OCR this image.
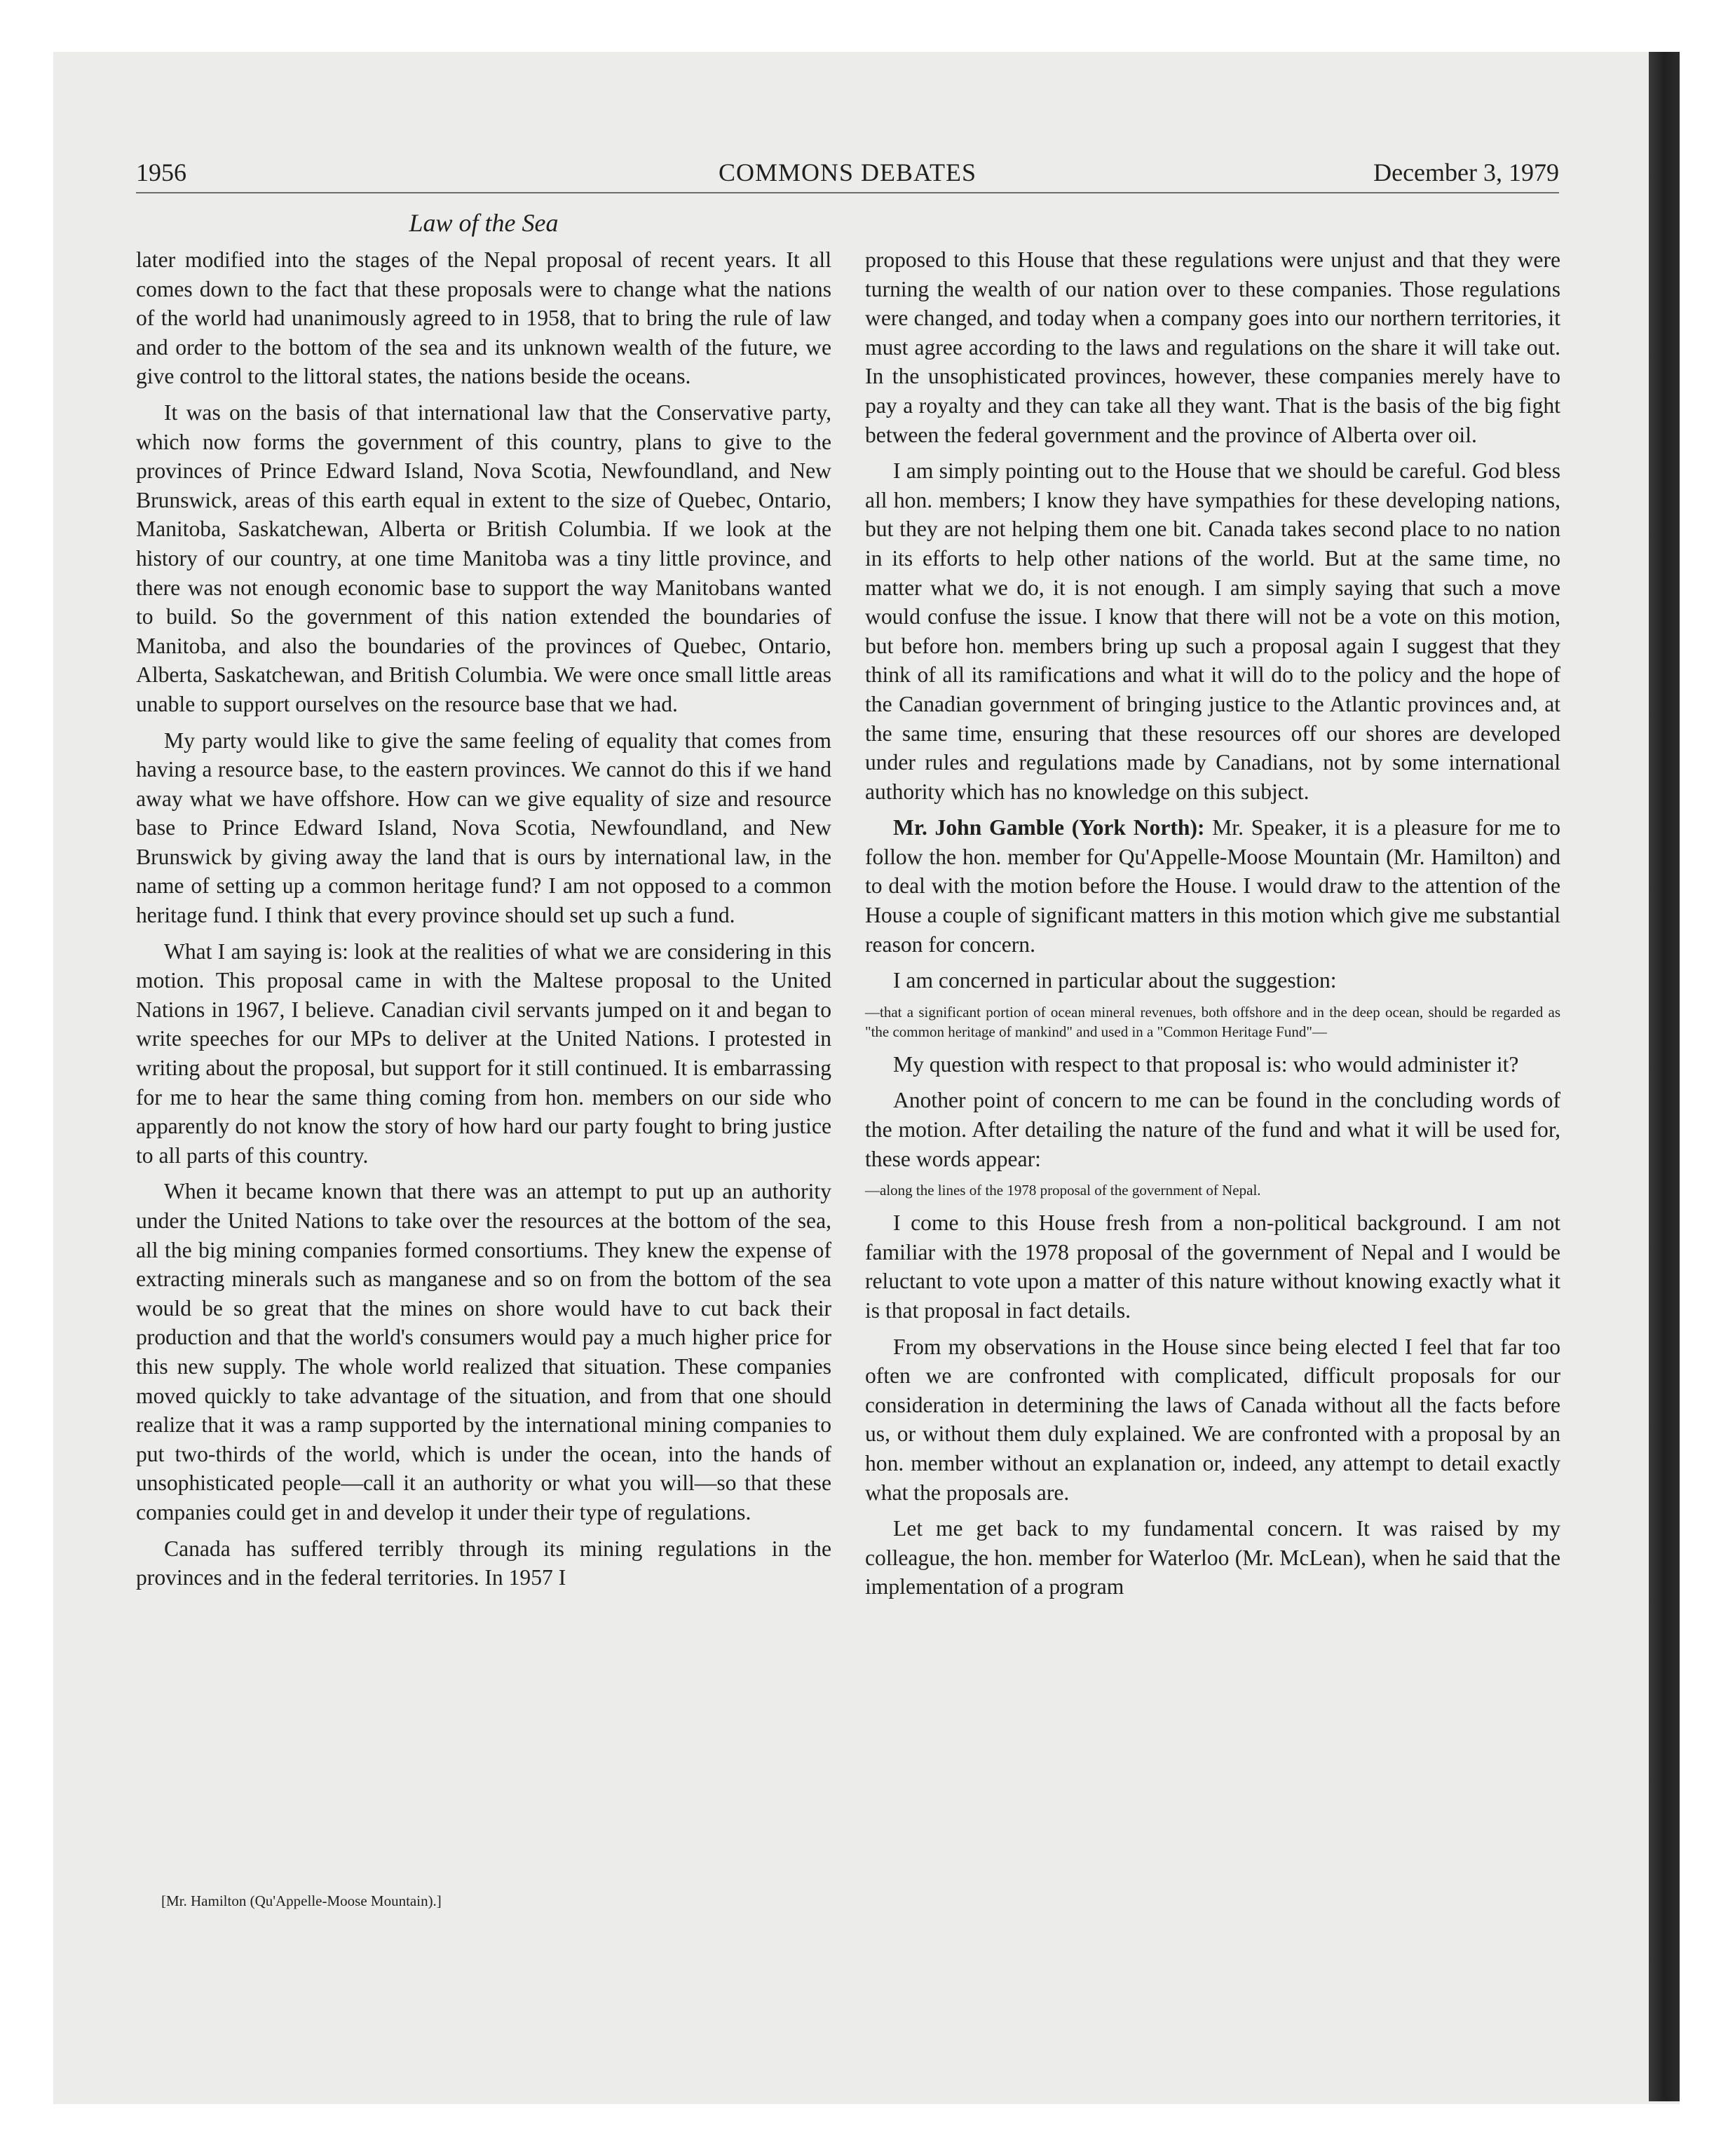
COMMONS DEBATES
1956	December 3, 1979
Law of the Sea

later modified into the stages of the Nepal proposal of recent years. It all comes down to the fact that these proposals were to change what the nations of the world had unanimously agreed to in 1958, that to bring the rule of law and order to the bottom of the sea and its unknown wealth of the future, we give control to the littoral states, the nations beside the oceans.

It was on the basis of that international law that the Conservative party, which now forms the government of this country, plans to give to the provinces of Prince Edward Island, Nova Scotia, Newfoundland, and New Brunswick, areas of this earth equal in extent to the size of Quebec, Ontario, Manitoba, Saskatchewan, Alberta or British Columbia. If we look at the history of our country, at one time Manitoba was a tiny little province, and there was not enough economic base to support the way Manitobans wanted to build. So the government of this nation extended the boundaries of Manitoba, and also the boundaries of the provinces of Quebec, Ontario, Alberta, Saskatchewan, and British Columbia. We were once small little areas unable to support ourselves on the resource base that we had.

My party would like to give the same feeling of equality that comes from having a resource base, to the eastern provinces. We cannot do this if we hand away what we have offshore. How can we give equality of size and resource base to Prince Edward Island, Nova Scotia, Newfoundland, and New Brunswick by giving away the land that is ours by international law, in the name of setting up a common heritage fund? I am not opposed to a common heritage fund. I think that every province should set up such a fund.

What I am saying is: look at the realities of what we are considering in this motion. This proposal came in with the Maltese proposal to the United Nations in 1967, I believe. Canadian civil servants jumped on it and began to write speeches for our MPs to deliver at the United Nations. I protested in writing about the proposal, but support for it still continued. It is embarrassing for me to hear the same thing coming from hon. members on our side who apparently do not know the story of how hard our party fought to bring justice to all parts of this country.

When it became known that there was an attempt to put up an authority under the United Nations to take over the resources at the bottom of the sea, all the big mining companies formed consortiums. They knew the expense of extracting minerals such as manganese and so on from the bottom of the sea would be so great that the mines on shore would have to cut back their production and that the world's consumers would pay a much higher price for this new supply. The whole world realized that situation. These companies moved quickly to take advantage of the situation, and from that one should realize that it was a ramp supported by the international mining companies to put two-thirds of the world, which is under the ocean, into the hands of unsophisticated people—call it an authority or what you will—so that these companies could get in and develop it under their type of regulations.

Canada has suffered terribly through its mining regulations in the provinces and in the federal territories. In 1957 I

[Mr. Hamilton (Qu'Appelle-Moose Mountain).]

proposed to this House that these regulations were unjust and that they were turning the wealth of our nation over to these companies. Those regulations were changed, and today when a company goes into our northern territories, it must agree according to the laws and regulations on the share it will take out. In the unsophisticated provinces, however, these companies merely have to pay a royalty and they can take all they want. That is the basis of the big fight between the federal government and the province of Alberta over oil.

I am simply pointing out to the House that we should be careful. God bless all hon. members; I know they have sympathies for these developing nations, but they are not helping them one bit. Canada takes second place to no nation in its efforts to help other nations of the world. But at the same time, no matter what we do, it is not enough. I am simply saying that such a move would confuse the issue. I know that there will not be a vote on this motion, but before hon. members bring up such a proposal again I suggest that they think of all its ramifications and what it will do to the policy and the hope of the Canadian government of bringing justice to the Atlantic provinces and, at the same time, ensuring that these resources off our shores are developed under rules and regulations made by Canadians, not by some international authority which has no knowledge on this subject.

Mr. John Gamble (York North): Mr. Speaker, it is a pleasure for me to follow the hon. member for Qu'Appelle-Moose Mountain (Mr. Hamilton) and to deal with the motion before the House. I would draw to the attention of the House a couple of significant matters in this motion which give me substantial reason for concern.

I am concerned in particular about the suggestion:

—that a significant portion of ocean mineral revenues, both offshore and in the deep ocean, should be regarded as "the common heritage of mankind" and used in a "Common Heritage Fund"—

My question with respect to that proposal is: who would administer it?

Another point of concern to me can be found in the concluding words of the motion. After detailing the nature of the fund and what it will be used for, these words appear:

—along the lines of the 1978 proposal of the government of Nepal.

I come to this House fresh from a non-political background. I am not familiar with the 1978 proposal of the government of Nepal and I would be reluctant to vote upon a matter of this nature without knowing exactly what it is that proposal in fact details.

From my observations in the House since being elected I feel that far too often we are confronted with complicated, difficult proposals for our consideration in determining the laws of Canada without all the facts before us, or without them duly explained. We are confronted with a proposal by an hon. member without an explanation or, indeed, any attempt to detail exactly what the proposals are.

Let me get back to my fundamental concern. It was raised by my colleague, the hon. member for Waterloo (Mr. McLean), when he said that the implementation of a program
